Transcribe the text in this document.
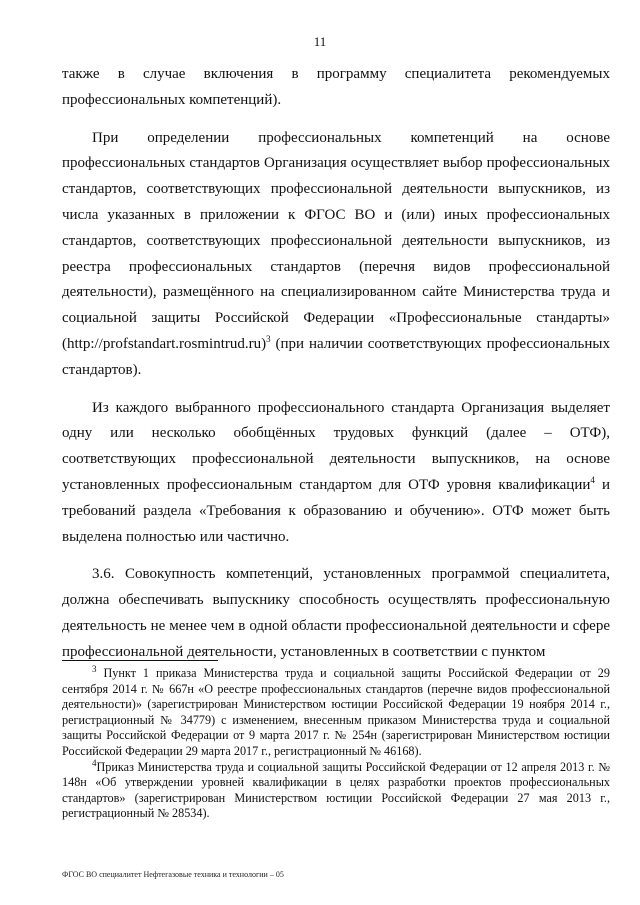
11

также в случае включения в программу специалитета рекомендуемых профессиональных компетенций).

При определении профессиональных компетенций на основе профессиональных стандартов Организация осуществляет выбор профессиональных стандартов, соответствующих профессиональной деятельности выпускников, из числа указанных в приложении к ФГОС ВО и (или) иных профессиональных стандартов, соответствующих профессиональной деятельности выпускников, из реестра профессиональных стандартов (перечня видов профессиональной деятельности), размещённого на специализированном сайте Министерства труда и социальной защиты Российской Федерации «Профессиональные стандарты» (http://profstandart.rosmintrud.ru)$^3$ (при наличии соответствующих профессиональных стандартов).

Из каждого выбранного профессионального стандарта Организация выделяет одну или несколько обобщённых трудовых функций (далее – ОТФ), соответствующих профессиональной деятельности выпускников, на основе установленных профессиональным стандартом для ОТФ уровня квалификации$^4$ и требований раздела «Требования к образованию и обучению». ОТФ может быть выделена полностью или частично.

3.6. Совокупность компетенций, установленных программой специалитета, должна обеспечивать выпускнику способность осуществлять профессиональную деятельность не менее чем в одной области профессиональной деятельности и сфере профессиональной деятельности, установленных в соответствии с пунктом

$^3$ Пункт 1 приказа Министерства труда и социальной защиты Российской Федерации от 29 сентября 2014 г. № 667н «О реестре профессиональных стандартов (перечне видов профессиональной деятельности)» (зарегистрирован Министерством юстиции Российской Федерации 19 ноября 2014 г., регистрационный № 34779) с изменением, внесенным приказом Министерства труда и социальной защиты Российской Федерации от 9 марта 2017 г. № 254н (зарегистрирован Министерством юстиции Российской Федерации 29 марта 2017 г., регистрационный № 46168).

$^4$Приказ Министерства труда и социальной защиты Российской Федерации от 12 апреля 2013 г. № 148н «Об утверждении уровней квалификации в целях разработки проектов профессиональных стандартов» (зарегистрирован Министерством юстиции Российской Федерации 27 мая 2013 г., регистрационный № 28534).

ФГОС ВО специалитет Нефтегазовые техника и технологии – 05
